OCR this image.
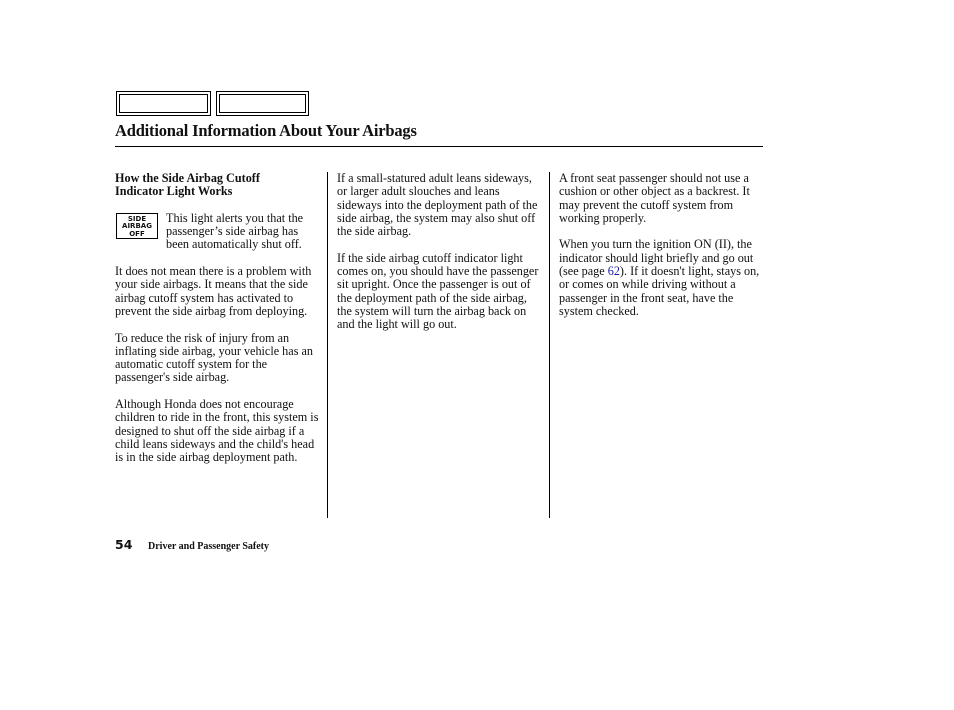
Additional Information About Your Airbags

How the Side Airbag Cutoff
Indicator Light Works

SIDE
AIRBAG
OFF
This light alerts you that the passenger’s side airbag has been automatically shut off.

It does not mean there is a problem with your side airbags. It means that the side airbag cutoff system has activated to prevent the side airbag from deploying.

To reduce the risk of injury from an inflating side airbag, your vehicle has an automatic cutoff system for the passenger's side airbag.

Although Honda does not encourage children to ride in the front, this system is designed to shut off the side airbag if a child leans sideways and the child's head is in the side airbag deployment path.

If a small-statured adult leans sideways, or larger adult slouches and leans sideways into the deployment path of the side airbag, the system may also shut off the side airbag.

If the side airbag cutoff indicator light comes on, you should have the passenger sit upright. Once the passenger is out of the deployment path of the side airbag, the system will turn the airbag back on and the light will go out.

A front seat passenger should not use a cushion or other object as a backrest. It may prevent the cutoff system from working properly.

When you turn the ignition ON (II), the indicator should light briefly and go out (see page 62). If it doesn't light, stays on, or comes on while driving without a passenger in the front seat, have the system checked.

54 Driver and Passenger Safety
